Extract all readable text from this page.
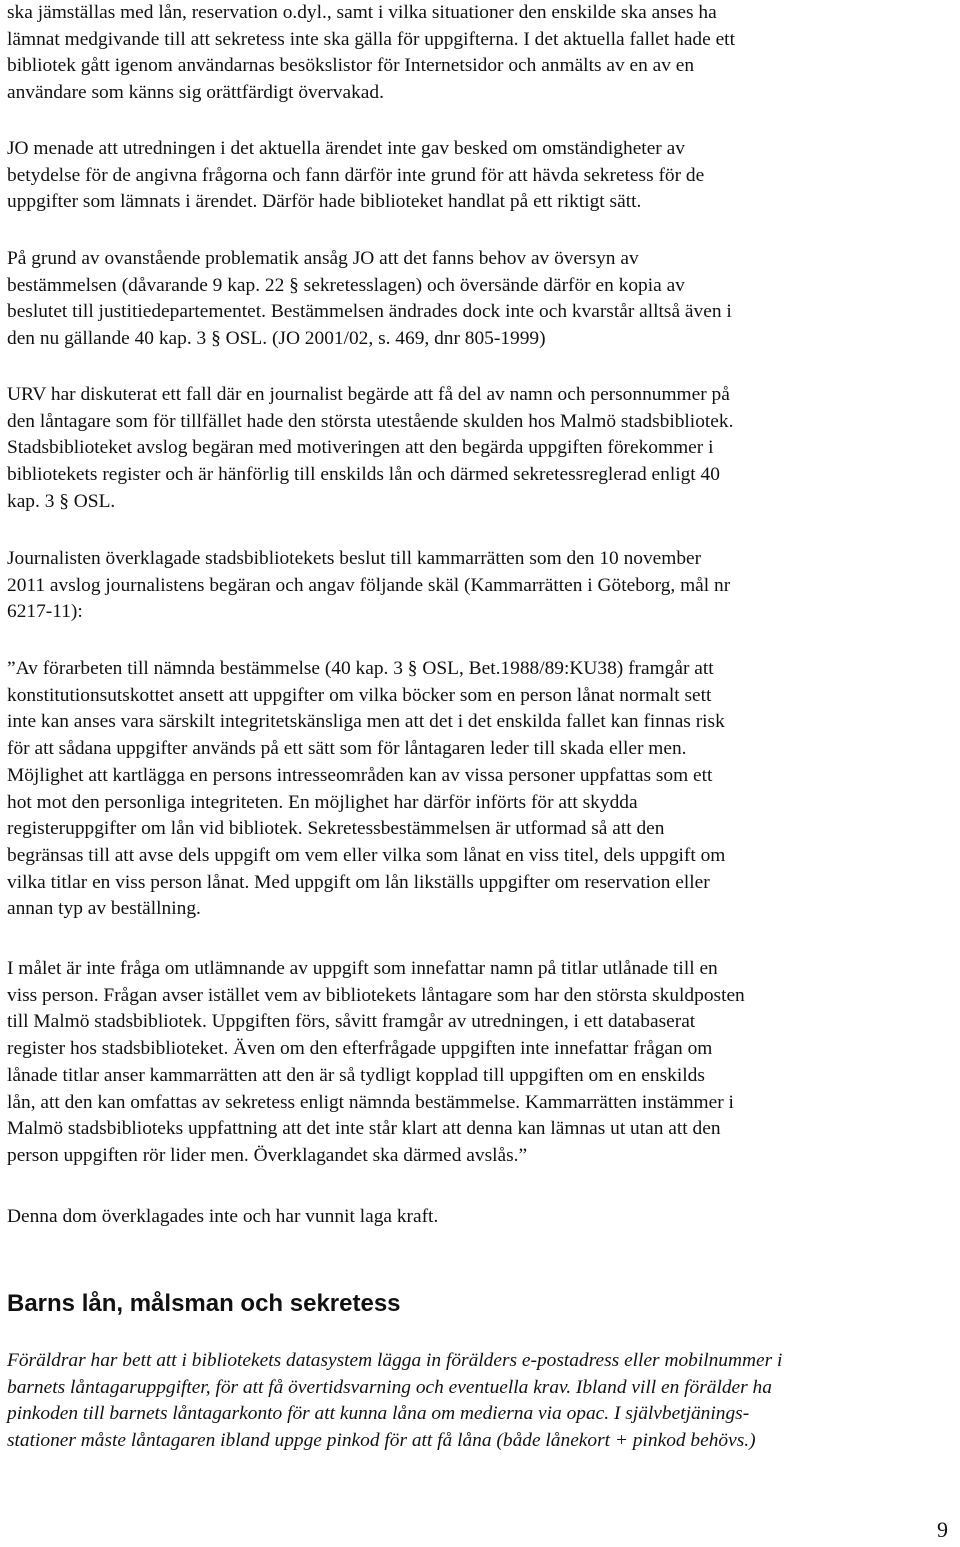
ska jämställas med lån, reservation o.dyl., samt i vilka situationer den enskilde ska anses ha
lämnat medgivande till att sekretess inte ska gälla för uppgifterna. I det aktuella fallet hade ett
bibliotek gått igenom användarnas besökslistor för Internetsidor och anmälts av en av en
användare som känns sig orättfärdigt övervakad.
JO menade att utredningen i det aktuella ärendet inte gav besked om omständigheter av
betydelse för de angivna frågorna och fann därför inte grund för att hävda sekretess för de
uppgifter som lämnats i ärendet. Därför hade biblioteket handlat på ett riktigt sätt.
På grund av ovanstående problematik ansåg JO att det fanns behov av översyn av
bestämmelsen (dåvarande 9 kap. 22 § sekretesslagen) och översände därför en kopia av
beslutet till justitiedepartementet. Bestämmelsen ändrades dock inte och kvarstår alltså även i
den nu gällande 40 kap. 3 § OSL. (JO 2001/02, s. 469, dnr 805-1999)
URV har diskuterat ett fall där en journalist begärde att få del av namn och personnummer på
den låntagare som för tillfället hade den största utestående skulden hos Malmö stadsbibliotek.
Stadsbiblioteket avslog begäran med motiveringen att den begärda uppgiften förekommer i
bibliotekets register och är hänförlig till enskilds lån och därmed sekretessreglerad enligt 40
kap. 3 § OSL.
Journalisten överklagade stadsbibliotekets beslut till kammarrätten som den 10 november
2011 avslog journalistens begäran och angav följande skäl (Kammarrätten i Göteborg, mål nr
6217-11):
”Av förarbeten till nämnda bestämmelse (40 kap. 3 § OSL, Bet.1988/89:KU38) framgår att
konstitutionsutskottet ansett att uppgifter om vilka böcker som en person lånat normalt sett
inte kan anses vara särskilt integritetskänsliga men att det i det enskilda fallet kan finnas risk
för att sådana uppgifter används på ett sätt som för låntagaren leder till skada eller men.
Möjlighet att kartlägga en persons intresseområden kan av vissa personer uppfattas som ett
hot mot den personliga integriteten. En möjlighet har därför införts för att skydda
registeruppgifter om lån vid bibliotek. Sekretessbestämmelsen är utformad så att den
begränsas till att avse dels uppgift om vem eller vilka som lånat en viss titel, dels uppgift om
vilka titlar en viss person lånat. Med uppgift om lån likställs uppgifter om reservation eller
annan typ av beställning.
I målet är inte fråga om utlämnande av uppgift som innefattar namn på titlar utlånade till en
viss person. Frågan avser istället vem av bibliotekets låntagare som har den största skuldposten
till Malmö stadsbibliotek. Uppgiften förs, såvitt framgår av utredningen, i ett databaserat
register hos stadsbiblioteket. Även om den efterfrågade uppgiften inte innefattar frågan om
lånade titlar anser kammarrätten att den är så tydligt kopplad till uppgiften om en enskilds
lån, att den kan omfattas av sekretess enligt nämnda bestämmelse. Kammarrätten instämmer i
Malmö stadsbiblioteks uppfattning att det inte står klart att denna kan lämnas ut utan att den
person uppgiften rör lider men. Överklagandet ska därmed avslås.”
Denna dom överklagades inte och har vunnit laga kraft.
Barns lån, målsman och sekretess
Föräldrar har bett att i bibliotekets datasystem lägga in förälders e-postadress eller mobilnummer i
barnets låntagaruppgifter, för att få övertidsvarning och eventuella krav. Ibland vill en förälder ha
pinkoden till barnets låntagarkonto för att kunna låna om medierna via opac. I självbetjänings-
stationer måste låntagaren ibland uppge pinkod för att få låna (både lånekort + pinkod behövs.)

9
